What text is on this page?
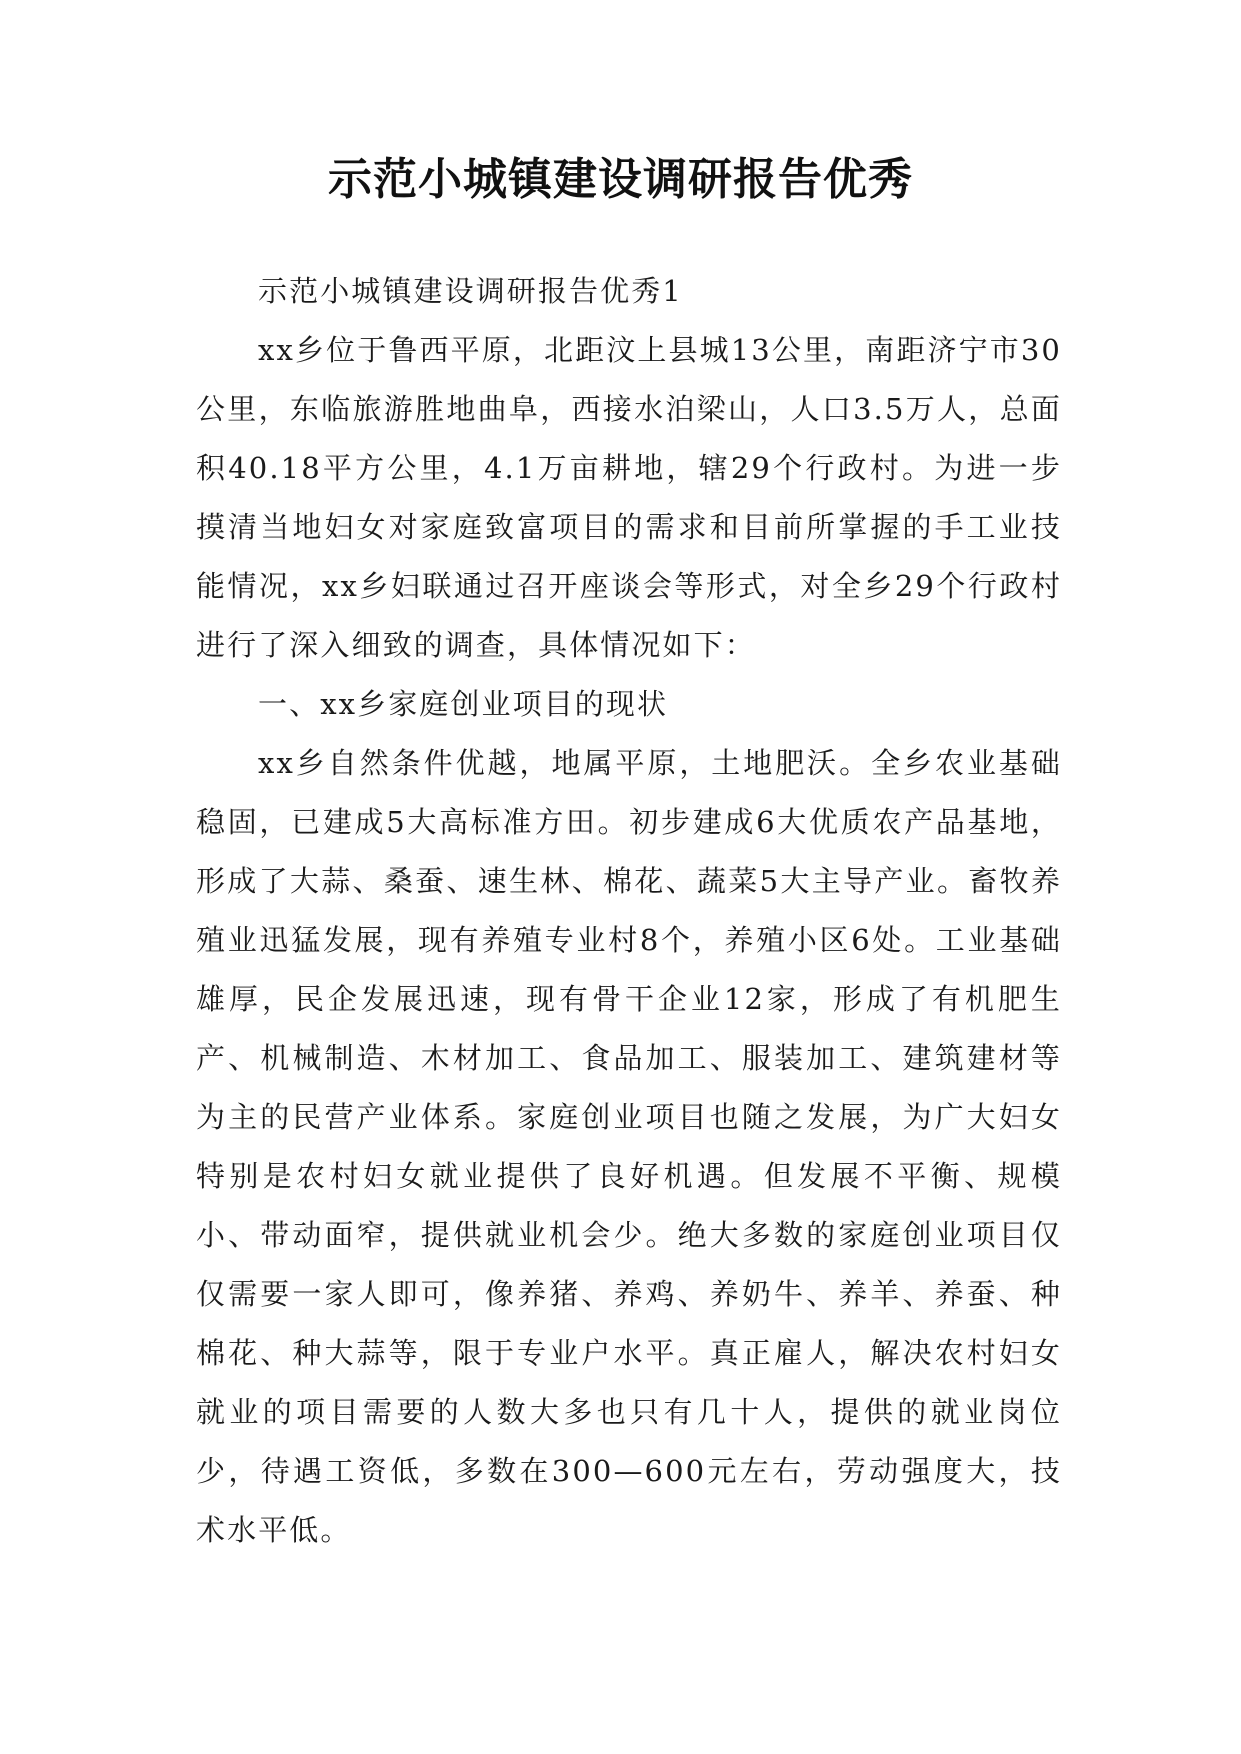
示范小城镇建设调研报告优秀

示范小城镇建设调研报告优秀1

xx乡位于鲁西平原，北距汶上县城13公里，南距济宁市30公里，东临旅游胜地曲阜，西接水泊梁山，人口3.5万人，总面积40.18平方公里，4.1万亩耕地，辖29个行政村。为进一步摸清当地妇女对家庭致富项目的需求和目前所掌握的手工业技能情况，xx乡妇联通过召开座谈会等形式，对全乡29个行政村进行了深入细致的调查，具体情况如下：

一、xx乡家庭创业项目的现状

xx乡自然条件优越，地属平原，土地肥沃。全乡农业基础稳固，已建成5大高标准方田。初步建成6大优质农产品基地，形成了大蒜、桑蚕、速生林、棉花、蔬菜5大主导产业。畜牧养殖业迅猛发展，现有养殖专业村8个，养殖小区6处。工业基础雄厚，民企发展迅速，现有骨干企业12家，形成了有机肥生产、机械制造、木材加工、食品加工、服装加工、建筑建材等为主的民营产业体系。家庭创业项目也随之发展，为广大妇女特别是农村妇女就业提供了良好机遇。但发展不平衡、规模小、带动面窄，提供就业机会少。绝大多数的家庭创业项目仅仅需要一家人即可，像养猪、养鸡、养奶牛、养羊、养蚕、种棉花、种大蒜等，限于专业户水平。真正雇人，解决农村妇女就业的项目需要的人数大多也只有几十人，提供的就业岗位少，待遇工资低，多数在300—600元左右，劳动强度大，技术水平低。
